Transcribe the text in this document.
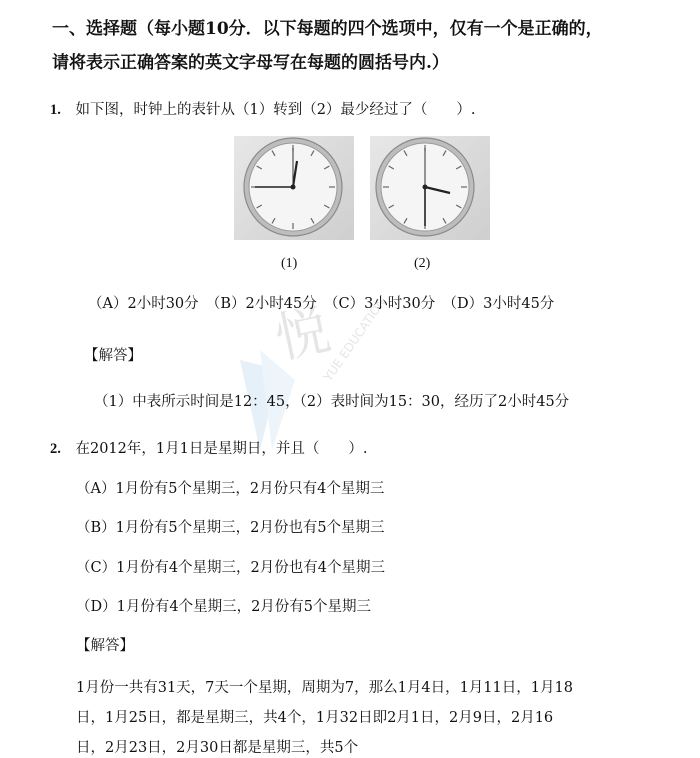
一、选择题（每小题10分．以下每题的四个选项中，仅有一个是正确的，
请将表示正确答案的英文字母写在每题的圆括号内.）
1. 如下图，时钟上的表针从（1）转到（2）最少经过了（　　）.
(1)	(2)
悦
YUE EDUCATION
（A）2小时30分　（B）2小时45分　（C）3小时30分　（D）3小时45分
【解答】
（1）中表所示时间是12：45，（2）表时间为15：30，经历了2小时45分
2. 在2012年，1月1日是星期日，并且（　　）.
（A）1月份有5个星期三，2月份只有4个星期三
（B）1月份有5个星期三，2月份也有5个星期三
（C）1月份有4个星期三，2月份也有4个星期三
（D）1月份有4个星期三，2月份有5个星期三
【解答】
1月份一共有31天，7天一个星期，周期为7，那么1月4日，1月11日，1月18
日，1月25日，都是星期三，共4个，1月32日即2月1日，2月9日，2月16
日，2月23日，2月30日都是星期三，共5个
